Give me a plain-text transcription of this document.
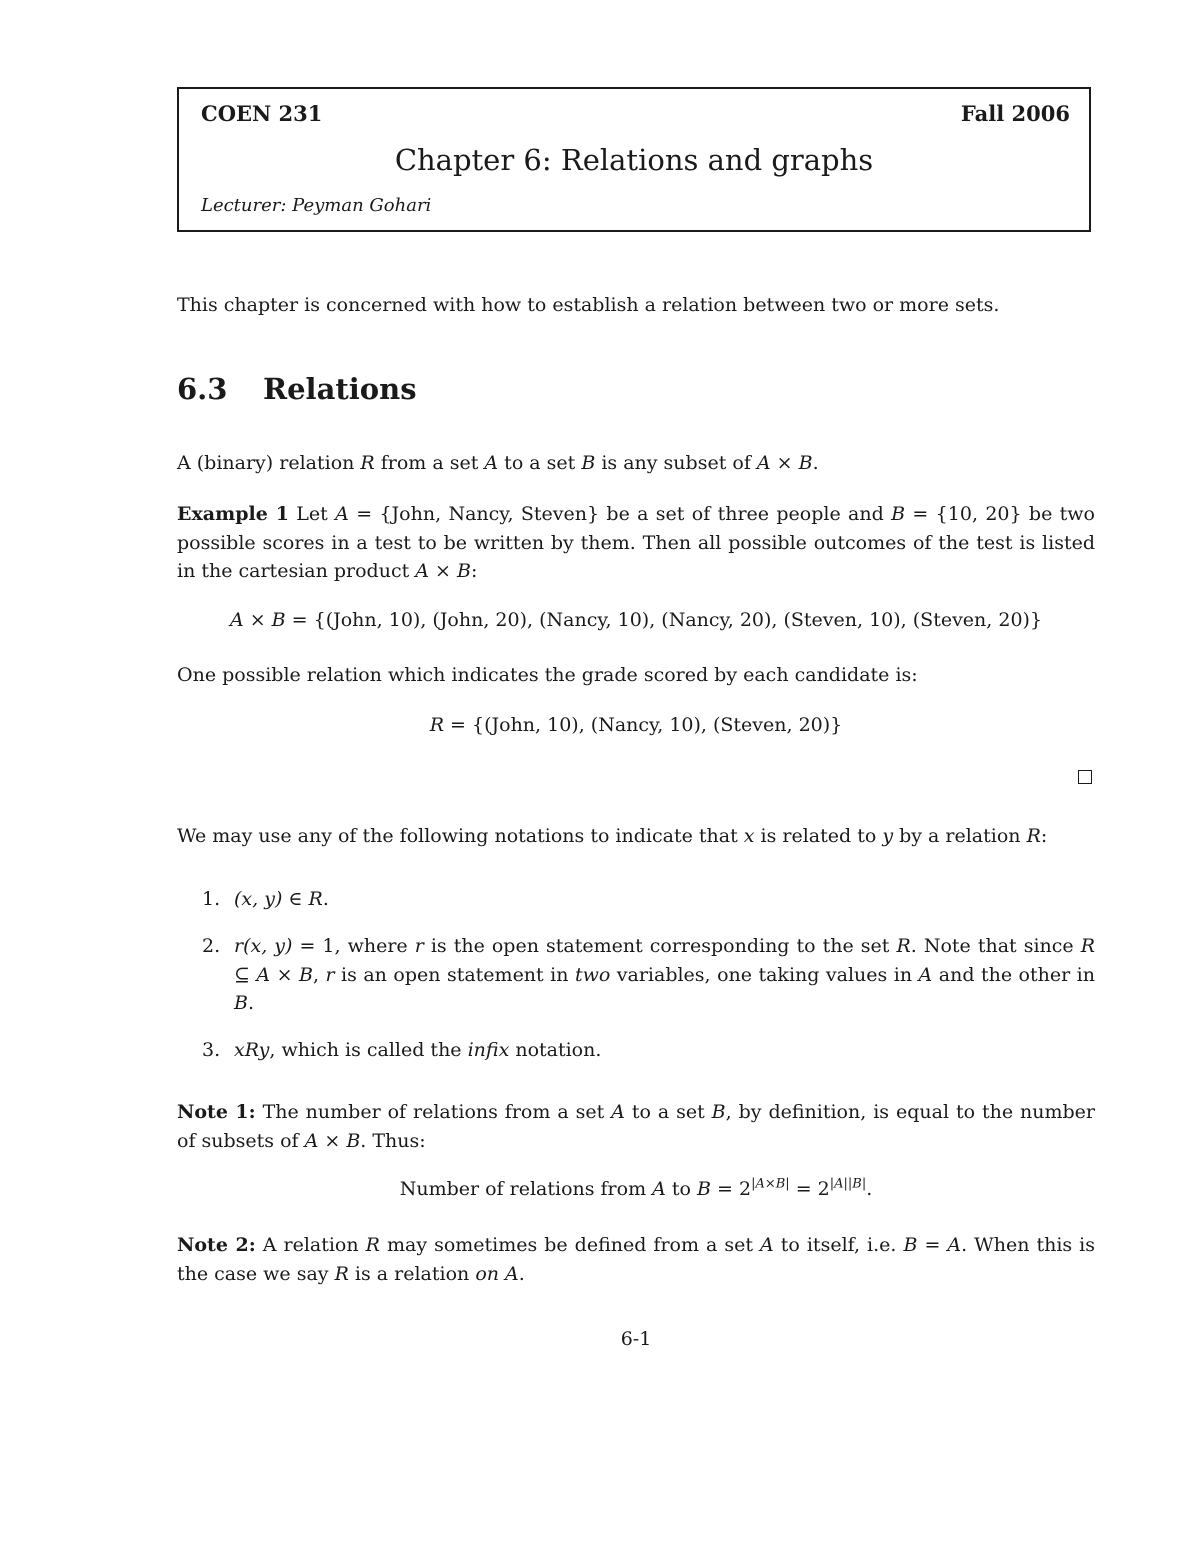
COEN 231	Fall 2006
Chapter 6: Relations and graphs
Lecturer: Peyman Gohari
This chapter is concerned with how to establish a relation between two or more sets.
6.3 Relations
A (binary) relation R from a set A to a set B is any subset of A × B.
Example 1 Let A = {John, Nancy, Steven} be a set of three people and B = {10, 20} be two possible scores in a test to be written by them. Then all possible outcomes of the test is listed in the cartesian product A × B:
A × B = {(John, 10), (John, 20), (Nancy, 10), (Nancy, 20), (Steven, 10), (Steven, 20)}
One possible relation which indicates the grade scored by each candidate is:
R = {(John, 10), (Nancy, 10), (Steven, 20)}
We may use any of the following notations to indicate that x is related to y by a relation R:
1. (x, y) ∈ R.
2. r(x, y) = 1, where r is the open statement corresponding to the set R. Note that since R ⊆ A × B, r is an open statement in two variables, one taking values in A and the other in B.
3. xRy, which is called the infix notation.
Note 1: The number of relations from a set A to a set B, by definition, is equal to the number of subsets of A × B. Thus:
Number of relations from A to $B = 2^{|A\times B|} = 2^{|A||B|}$.
Note 2: A relation R may sometimes be defined from a set A to itself, i.e. B = A. When this is the case we say R is a relation on A.
6-1
